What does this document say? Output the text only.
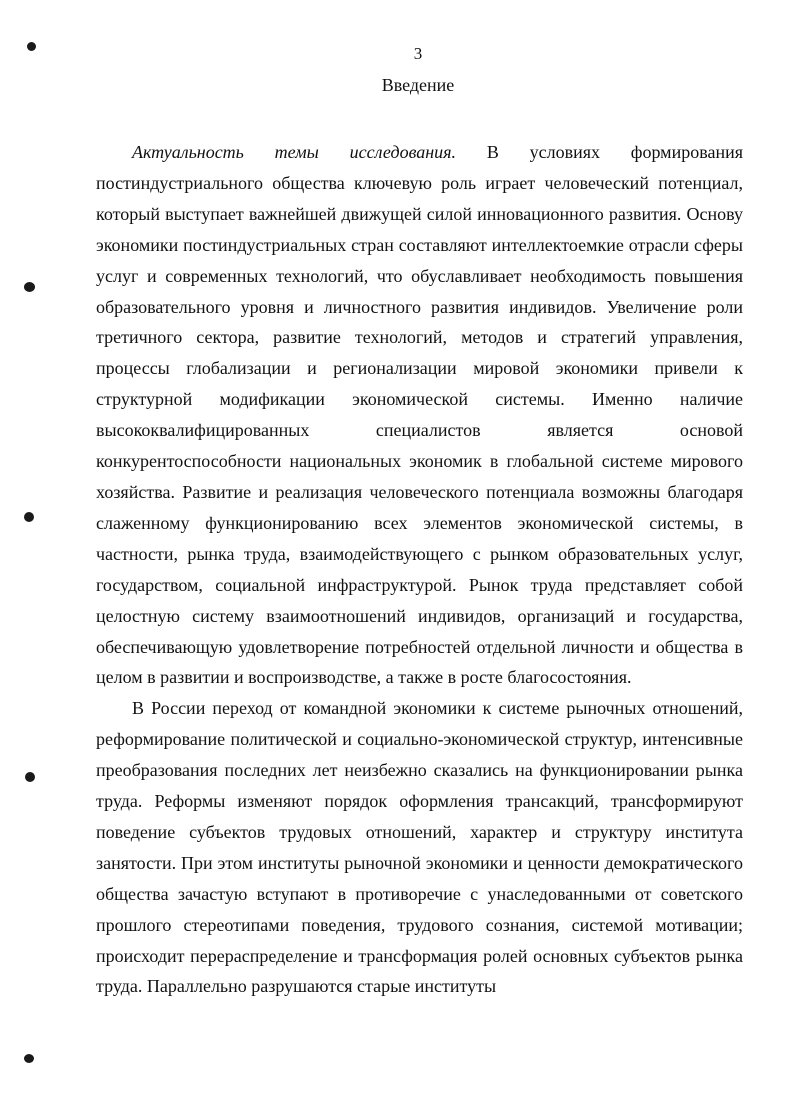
3
Введение

Актуальность темы исследования. В условиях формирования постиндустриального общества ключевую роль играет человеческий потенциал, который выступает важнейшей движущей силой инновационного развития. Основу экономики постиндустриальных стран составляют интеллектоемкие отрасли сферы услуг и современных технологий, что обуславливает необходимость повышения образовательного уровня и личностного развития индивидов. Увеличение роли третичного сектора, развитие технологий, методов и стратегий управления, процессы глобализации и регионализации мировой экономики привели к структурной модификации экономической системы. Именно наличие высококвалифицированных специалистов является основой конкурентоспособности национальных экономик в глобальной системе мирового хозяйства. Развитие и реализация человеческого потенциала возможны благодаря слаженному функционированию всех элементов экономической системы, в частности, рынка труда, взаимодействующего с рынком образовательных услуг, государством, социальной инфраструктурой. Рынок труда представляет собой целостную систему взаимоотношений индивидов, организаций и государства, обеспечивающую удовлетворение потребностей отдельной личности и общества в целом в развитии и воспроизводстве, а также в росте благосостояния.

В России переход от командной экономики к системе рыночных отношений, реформирование политической и социально-экономической структур, интенсивные преобразования последних лет неизбежно сказались на функционировании рынка труда. Реформы изменяют порядок оформления трансакций, трансформируют поведение субъектов трудовых отношений, характер и структуру института занятости. При этом институты рыночной экономики и ценности демократического общества зачастую вступают в противоречие с унаследованными от советского прошлого стереотипами поведения, трудового сознания, системой мотивации; происходит перераспределение и трансформация ролей основных субъектов рынка труда. Параллельно разрушаются старые институты
